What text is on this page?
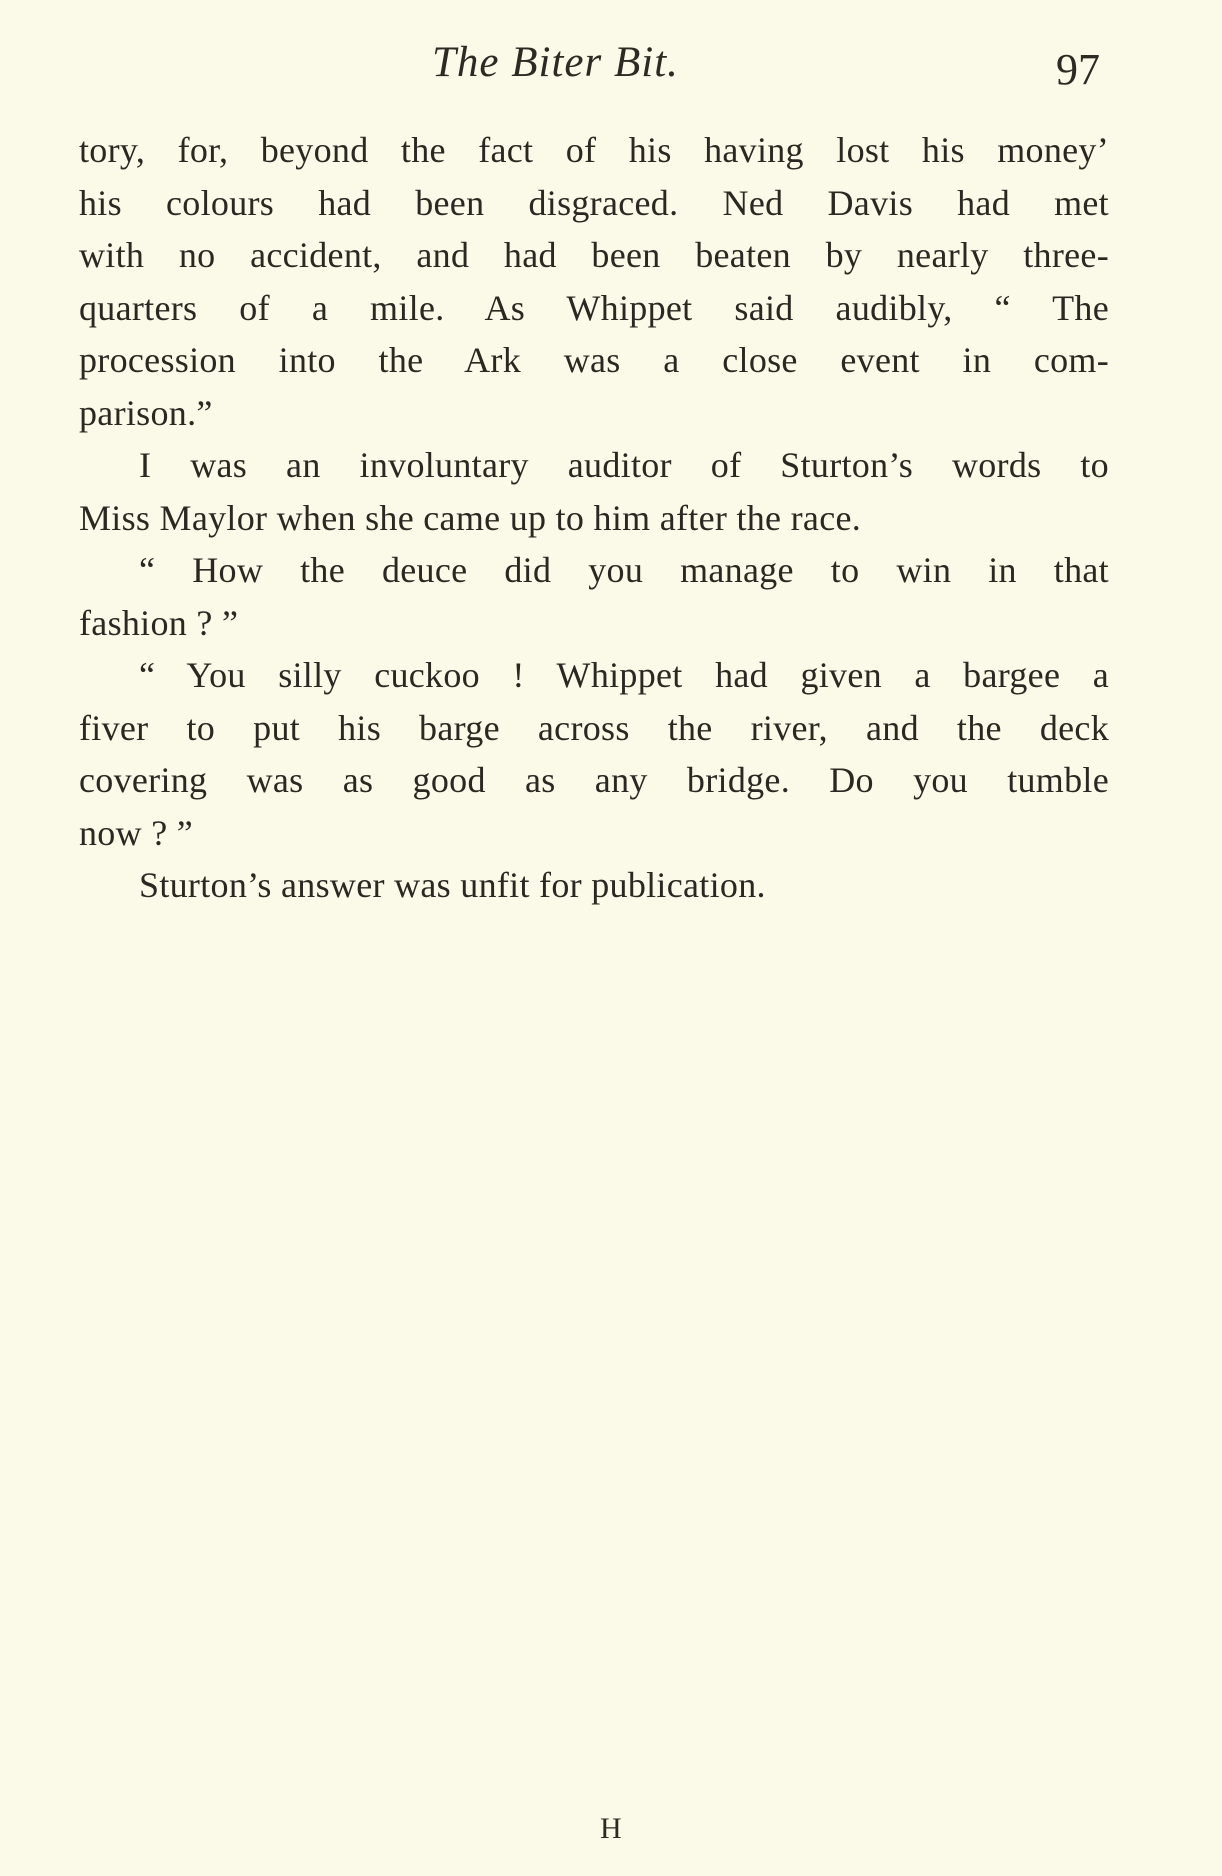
The Biter Bit.	97
tory, for, beyond the fact of his having lost his money’
his colours had been disgraced. Ned Davis had met
with no accident, and had been beaten by nearly three-
quarters of a mile. As Whippet said audibly, “ The
procession into the Ark was a close event in com-
parison.”
I was an involuntary auditor of Sturton’s words to
Miss Maylor when she came up to him after the race.
“ How the deuce did you manage to win in that
fashion ? ”
“ You silly cuckoo ! Whippet had given a bargee a
fiver to put his barge across the river, and the deck
covering was as good as any bridge. Do you tumble
now ? ”
Sturton’s answer was unfit for publication.
H
